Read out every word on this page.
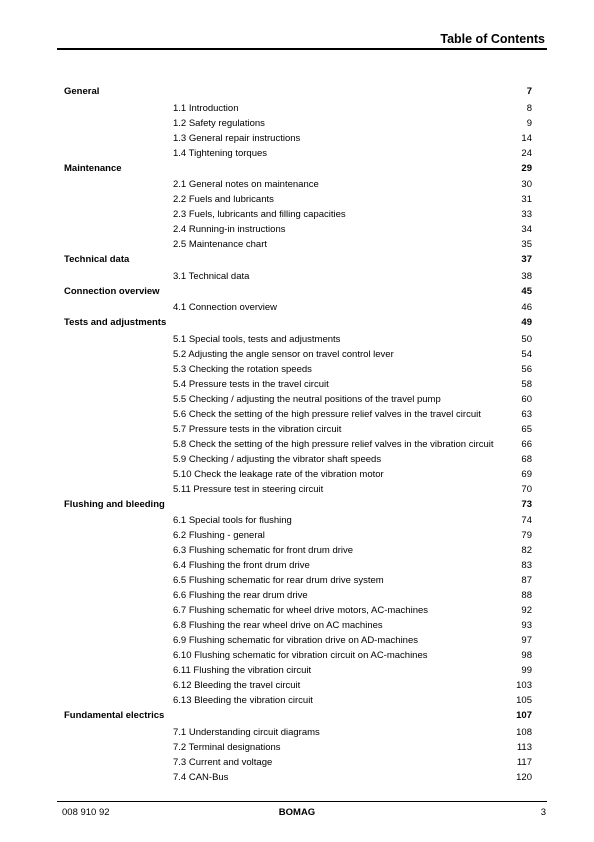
Table of Contents
General	7
1.1 Introduction	8
1.2 Safety regulations	9
1.3 General repair instructions	14
1.4 Tightening torques	24
Maintenance	29
2.1 General notes on maintenance	30
2.2 Fuels and lubricants	31
2.3 Fuels, lubricants and filling capacities	33
2.4 Running-in instructions	34
2.5 Maintenance chart	35
Technical data	37
3.1 Technical data	38
Connection overview	45
4.1 Connection overview	46
Tests and adjustments	49
5.1 Special tools, tests and adjustments	50
5.2 Adjusting the angle sensor on travel control lever	54
5.3 Checking the rotation speeds	56
5.4 Pressure tests in the travel circuit	58
5.5 Checking / adjusting the neutral positions of the travel pump	60
5.6 Check the setting of the high pressure relief valves in the travel circuit	63
5.7 Pressure tests in the vibration circuit	65
5.8 Check the setting of the high pressure relief valves in the vibration circuit	66
5.9 Checking / adjusting the vibrator shaft speeds	68
5.10 Check the leakage rate of the vibration motor	69
5.11 Pressure test in steering circuit	70
Flushing and bleeding	73
6.1 Special tools for flushing	74
6.2 Flushing - general	79
6.3 Flushing schematic for front drum drive	82
6.4 Flushing the front drum drive	83
6.5 Flushing schematic for rear drum drive system	87
6.6 Flushing the rear drum drive	88
6.7 Flushing schematic for wheel drive motors, AC-machines	92
6.8 Flushing the rear wheel drive on AC machines	93
6.9 Flushing schematic for vibration drive on AD-machines	97
6.10 Flushing schematic for vibration circuit on AC-machines	98
6.11 Flushing the vibration circuit	99
6.12 Bleeding the travel circuit	103
6.13 Bleeding the vibration circuit	105
Fundamental electrics	107
7.1 Understanding circuit diagrams	108
7.2 Terminal designations	113
7.3 Current and voltage	117
7.4 CAN-Bus	120
008 910 92	BOMAG	3
